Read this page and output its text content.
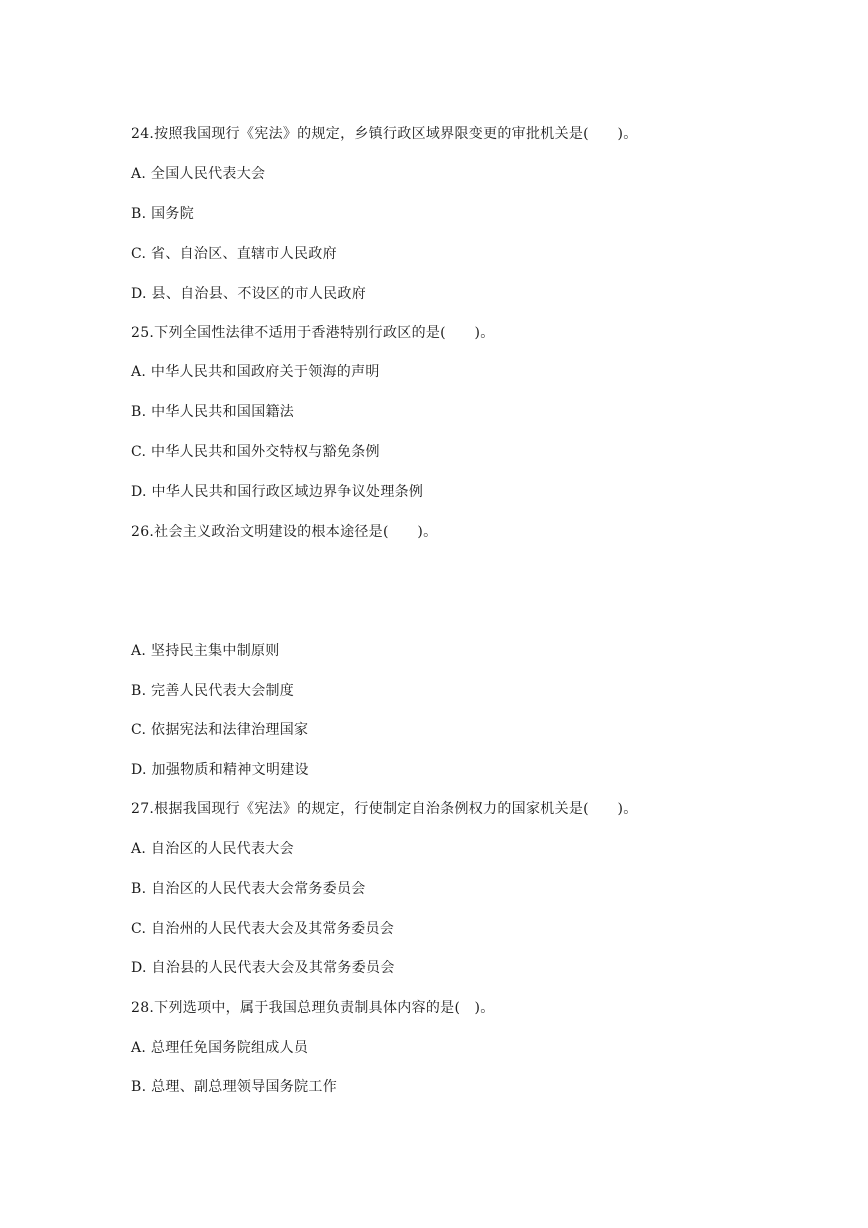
24.按照我国现行《宪法》的规定，乡镇行政区域界限变更的审批机关是(　　)。
A. 全国人民代表大会
B. 国务院
C. 省、自治区、直辖市人民政府
D. 县、自治县、不设区的市人民政府
25.下列全国性法律不适用于香港特别行政区的是(　　)。
A. 中华人民共和国政府关于领海的声明
B. 中华人民共和国国籍法
C. 中华人民共和国外交特权与豁免条例
D. 中华人民共和国行政区域边界争议处理条例
26.社会主义政治文明建设的根本途径是(　　)。
A. 坚持民主集中制原则
B. 完善人民代表大会制度
C. 依据宪法和法律治理国家
D. 加强物质和精神文明建设
27.根据我国现行《宪法》的规定，行使制定自治条例权力的国家机关是(　　)。
A. 自治区的人民代表大会
B. 自治区的人民代表大会常务委员会
C. 自治州的人民代表大会及其常务委员会
D. 自治县的人民代表大会及其常务委员会
28.下列选项中，属于我国总理负责制具体内容的是(　)。
A. 总理任免国务院组成人员
B. 总理、副总理领导国务院工作
